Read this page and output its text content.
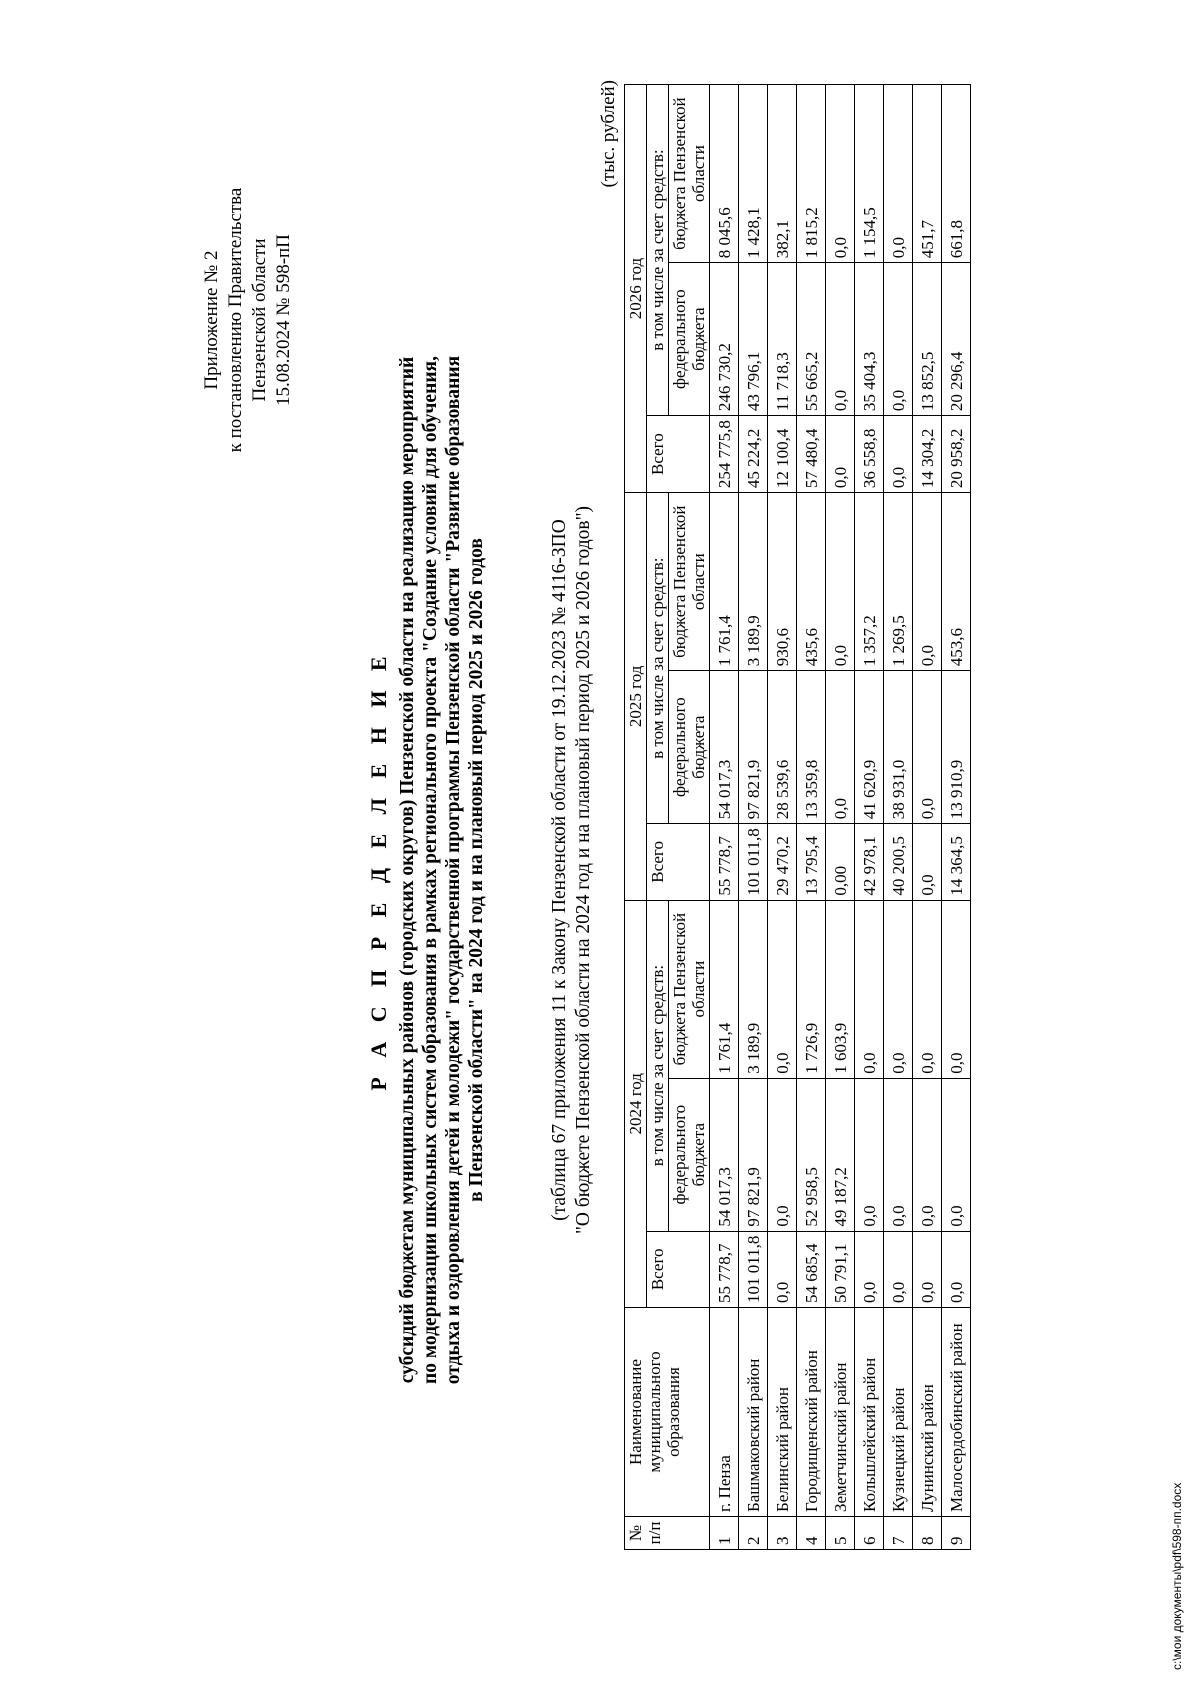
Приложение № 2 к постановлению Правительства Пензенской области 15.08.2024 № 598-пП
Р А С П Р Е Д Е Л Е Н И Е субсидий бюджетам муниципальных районов (городских округов) Пензенской области на реализацию мероприятий по модернизации школьных систем образования в рамках регионального проекта "Создание условий для обучения, отдыха и оздоровления детей и молодежи" государственной программы Пензенской области "Развитие образования в Пензенской области" на 2024 год и на плановый период 2025 и 2026 годов	(таблица 67 приложения 11 к Закону Пензенской области от 19.12.2023 № 4116-ЗПО "О бюджете Пензенской области на 2024 год и на плановый период 2025 и 2026 годов")
(тыс. рублей)
№ п/п	Наименование муниципального образования	2024 год			2025 год			2026 год		
		Всего	в том числе за счет средств:		Всего	в том числе за счет средств:		Всего	в том числе за счет средств:	
			федерального бюджета	бюджета Пензенской области		федерального бюджета	бюджета Пензенской области		федерального бюджета	бюджета Пензенской области
1	г. Пенза	55 778,7	54 017,3	1 761,4	55 778,7	54 017,3	1 761,4	254 775,8	246 730,2	8 045,6
2	Башмаковский район	101 011,8	97 821,9	3 189,9	101 011,8	97 821,9	3 189,9	45 224,2	43 796,1	1 428,1
3	Белинский район	0,0	0,0	0,0	29 470,2	28 539,6	930,6	12 100,4	11 718,3	382,1
4	Городищенский район	54 685,4	52 958,5	1 726,9	13 795,4	13 359,8	435,6	57 480,4	55 665,2	1 815,2
5	Земетчинский район	50 791,1	49 187,2	1 603,9	0,00	0,0	0,0	0,0	0,0	0,0
6	Кольшлейский район	0,0	0,0	0,0	42 978,1	41 620,9	1 357,2	36 558,8	35 404,3	1 154,5
7	Кузнецкий район	0,0	0,0	0,0	40 200,5	38 931,0	1 269,5	0,0	0,0	0,0
8	Лунинский район	0,0	0,0	0,0	0,0	0,0	0,0	14 304,2	13 852,5	451,7
9	Малосердобинский район	0,0	0,0	0,0	14 364,5	13 910,9	453,6	20 958,2	20 296,4	661,8
c:\мои документы\pdf\598-пп.docx
